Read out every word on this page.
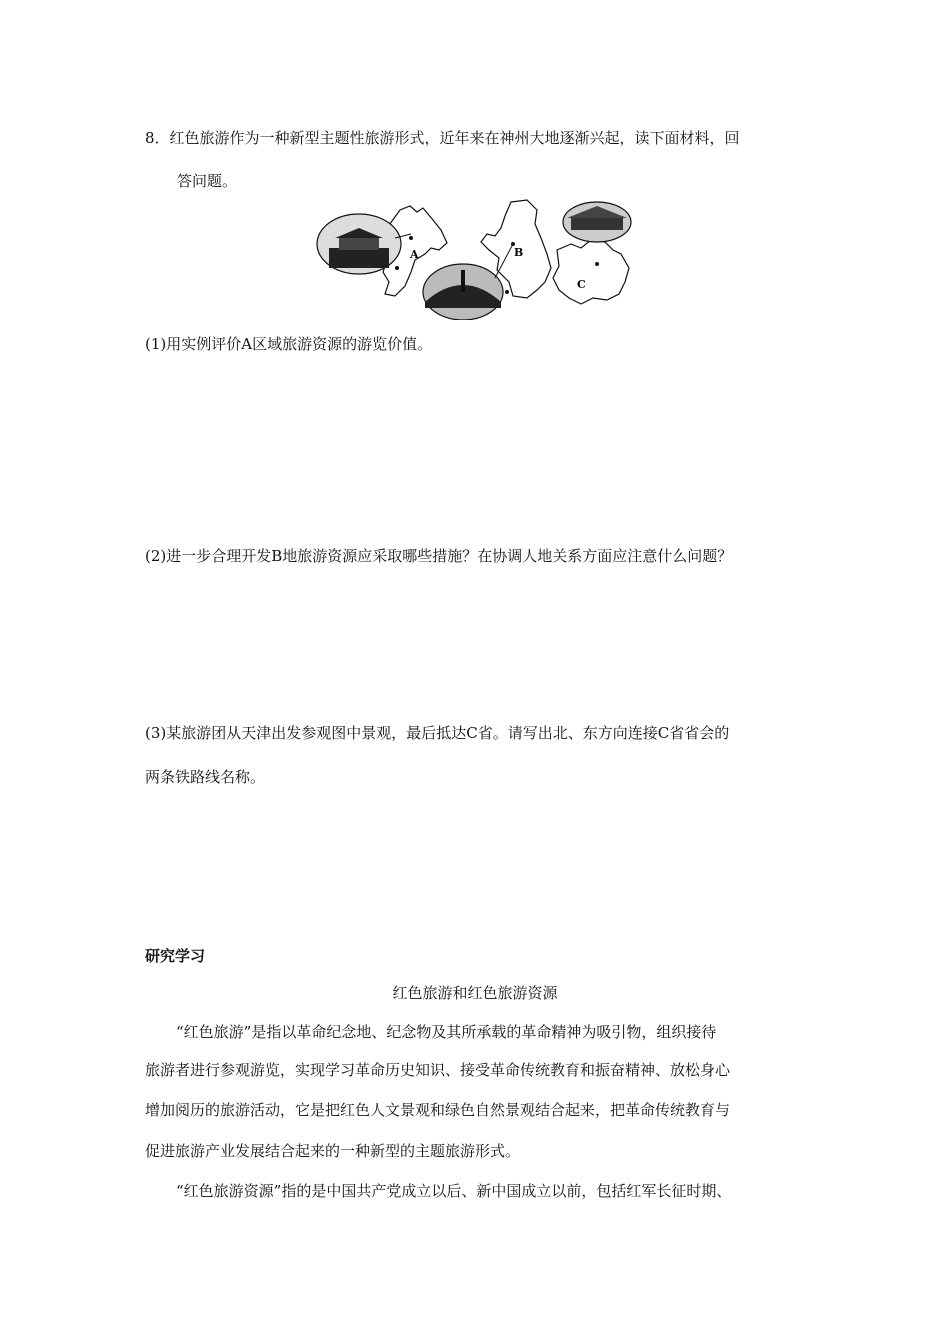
8．红色旅游作为一种新型主题性旅游形式，近年来在神州大地逐渐兴起，读下面材料，回
答问题。
A	B
C
(1)用实例评价A区域旅游资源的游览价值。
(2)进一步合理开发B地旅游资源应采取哪些措施？在协调人地关系方面应注意什么问题？
(3)某旅游团从天津出发参观图中景观，最后抵达C省。请写出北、东方向连接C省省会的
两条铁路线名称。
研究学习
红色旅游和红色旅游资源
“红色旅游”是指以革命纪念地、纪念物及其所承载的革命精神为吸引物，组织接待
旅游者进行参观游览，实现学习革命历史知识、接受革命传统教育和振奋精神、放松身心
增加阅历的旅游活动，它是把红色人文景观和绿色自然景观结合起来，把革命传统教育与
促进旅游产业发展结合起来的一种新型的主题旅游形式。
“红色旅游资源”指的是中国共产党成立以后、新中国成立以前，包括红军长征时期、
